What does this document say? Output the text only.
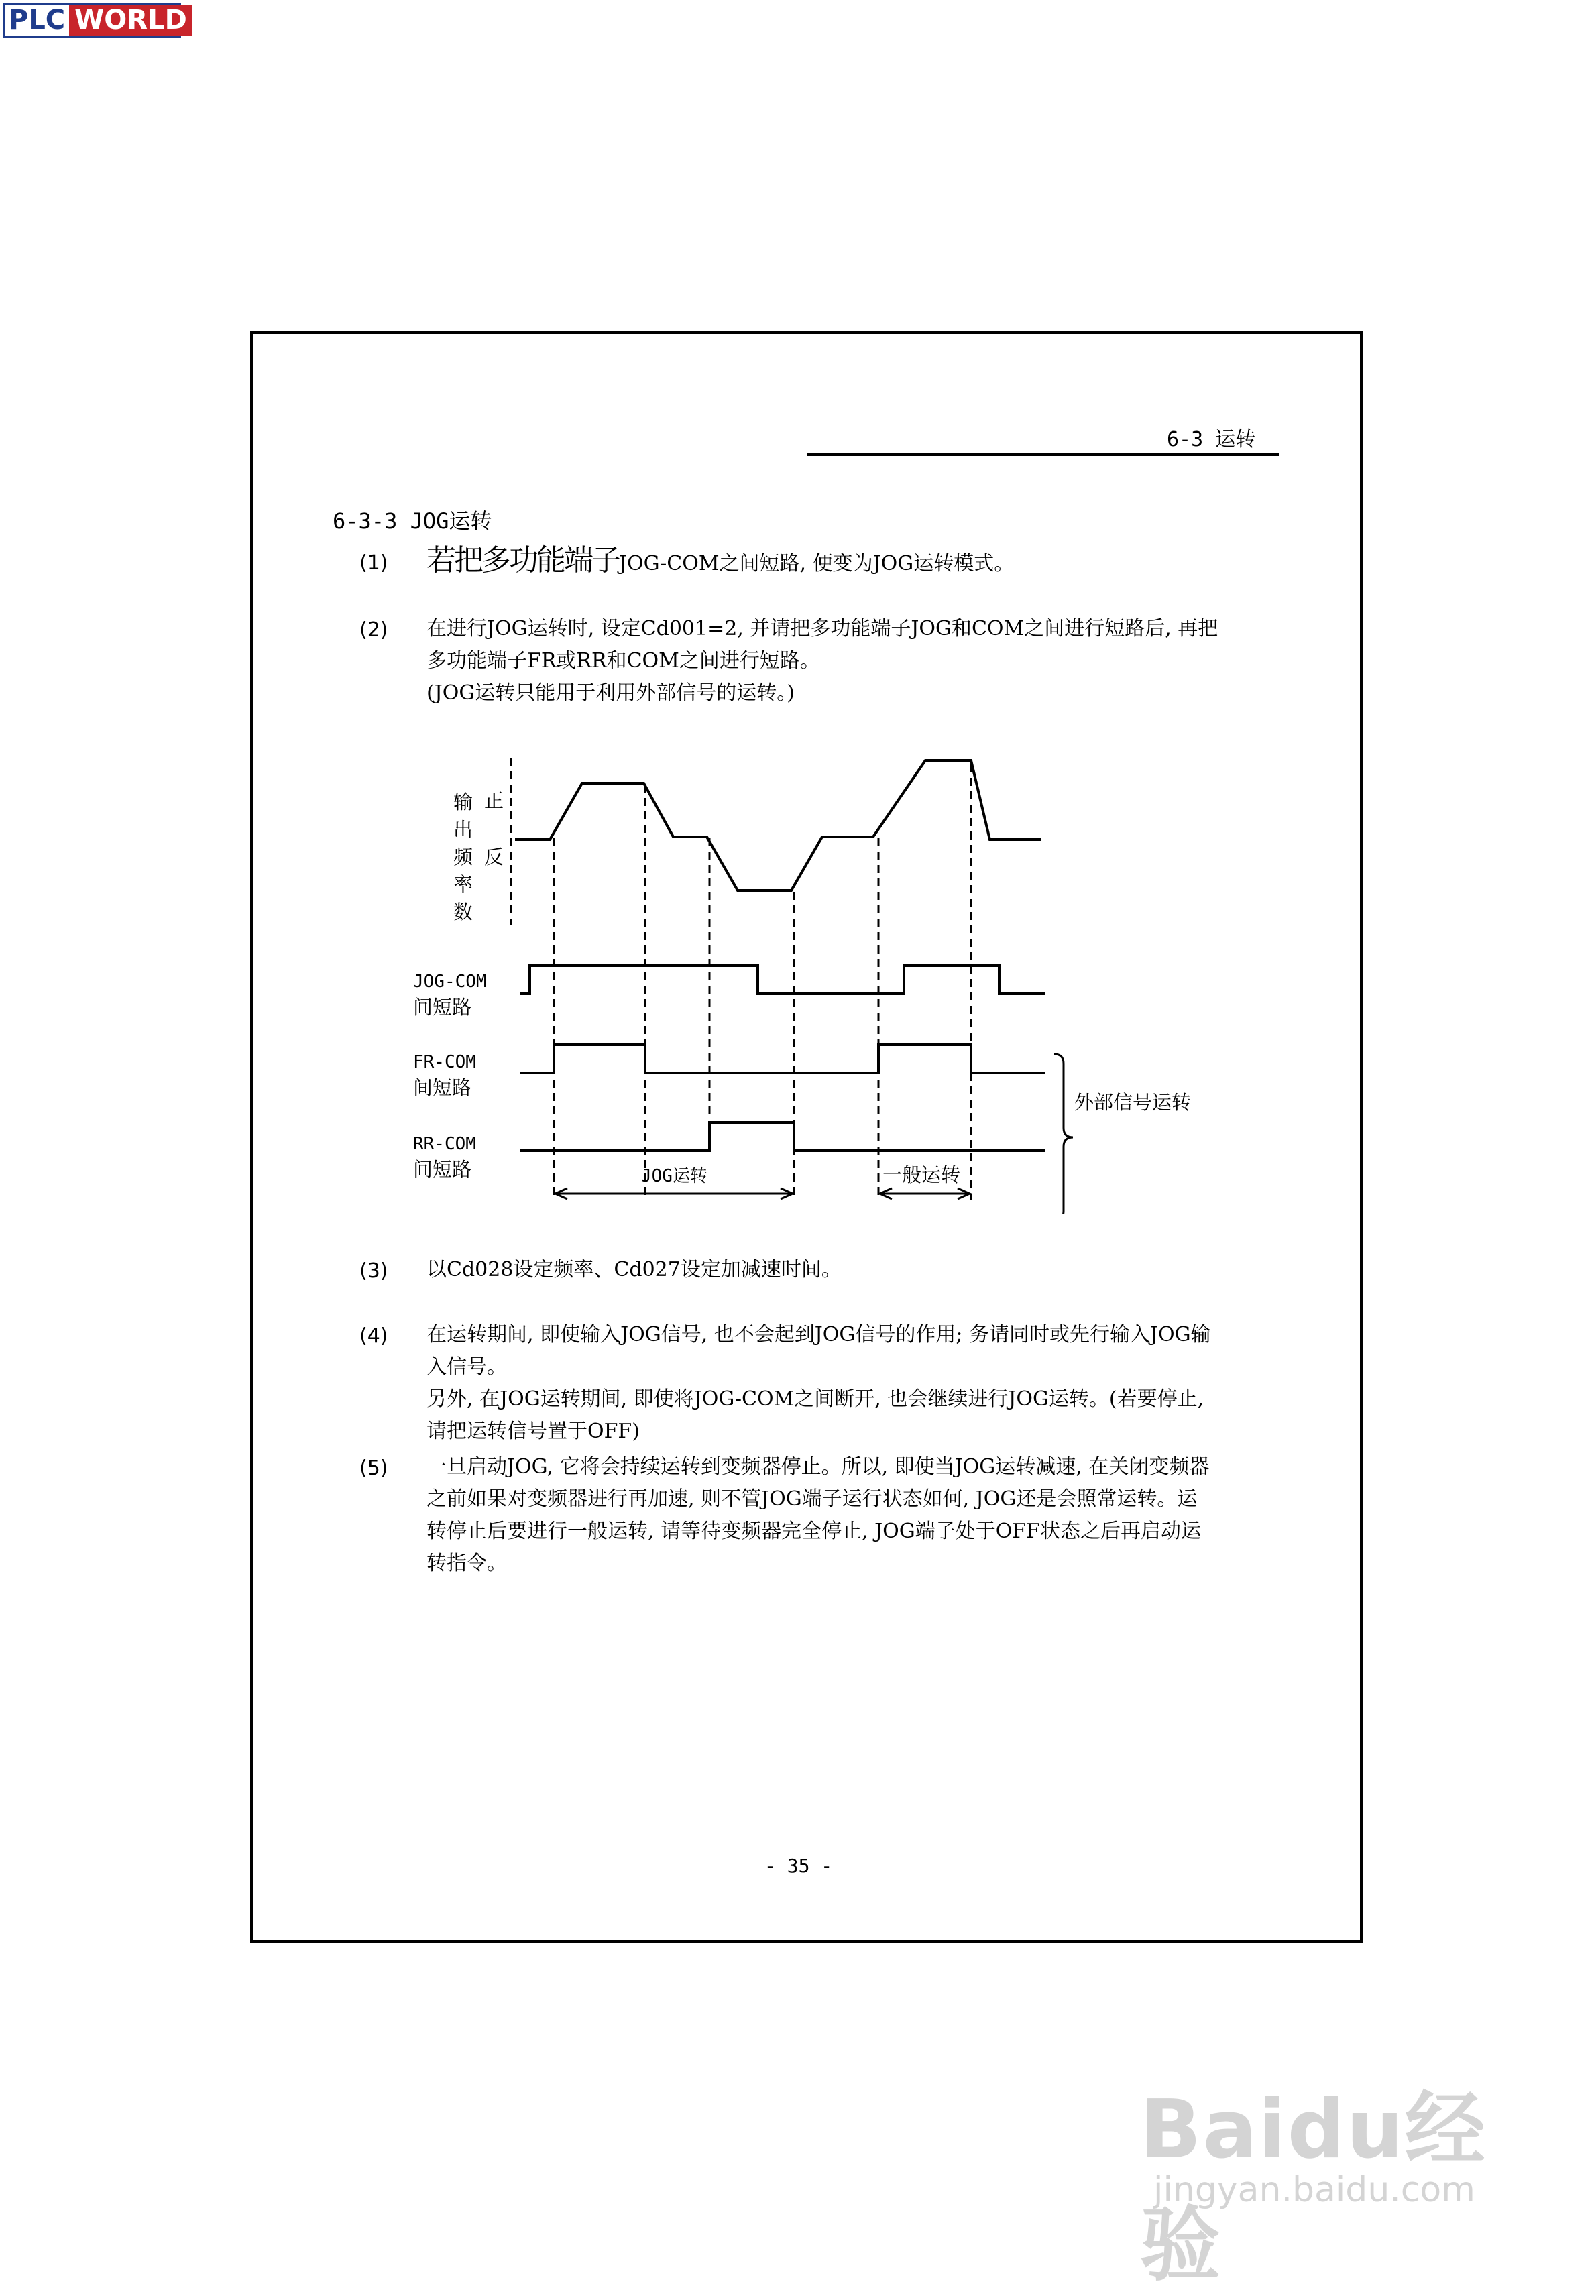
PLC WORLD
6-3 运转
6-3-3 JOG运转
(1) 若把多功能端子JOG-COM之间短路, 便变为JOG运转模式。
(2) 在进行JOG运转时, 设定Cd001=2, 并请把多功能端子JOG和COM之间进行短路后, 再把
多功能端子FR或RR和COM之间进行短路。
(JOG运转只能用于利用外部信号的运转。)
输
出
频
率
数
正
反
JOG-COM
间短路
FR-COM
间短路
RR-COM
间短路
外部信号运转
JOG运转	一般运转
(3) 以Cd028设定频率、Cd027设定加减速时间。
(4) 在运转期间, 即使输入JOG信号, 也不会起到JOG信号的作用; 务请同时或先行输入JOG输
入信号。
另外, 在JOG运转期间, 即使将JOG-COM之间断开, 也会继续进行JOG运转。(若要停止,
请把运转信号置于OFF)
(5) 一旦启动JOG, 它将会持续运转到变频器停止。所以, 即使当JOG运转减速, 在关闭变频器
之前如果对变频器进行再加速, 则不管JOG端子运行状态如何, JOG还是会照常运转。运
转停止后要进行一般运转, 请等待变频器完全停止, JOG端子处于OFF状态之后再启动运
转指令。
- 35 -
Baidu经验
jingyan.baidu.com
